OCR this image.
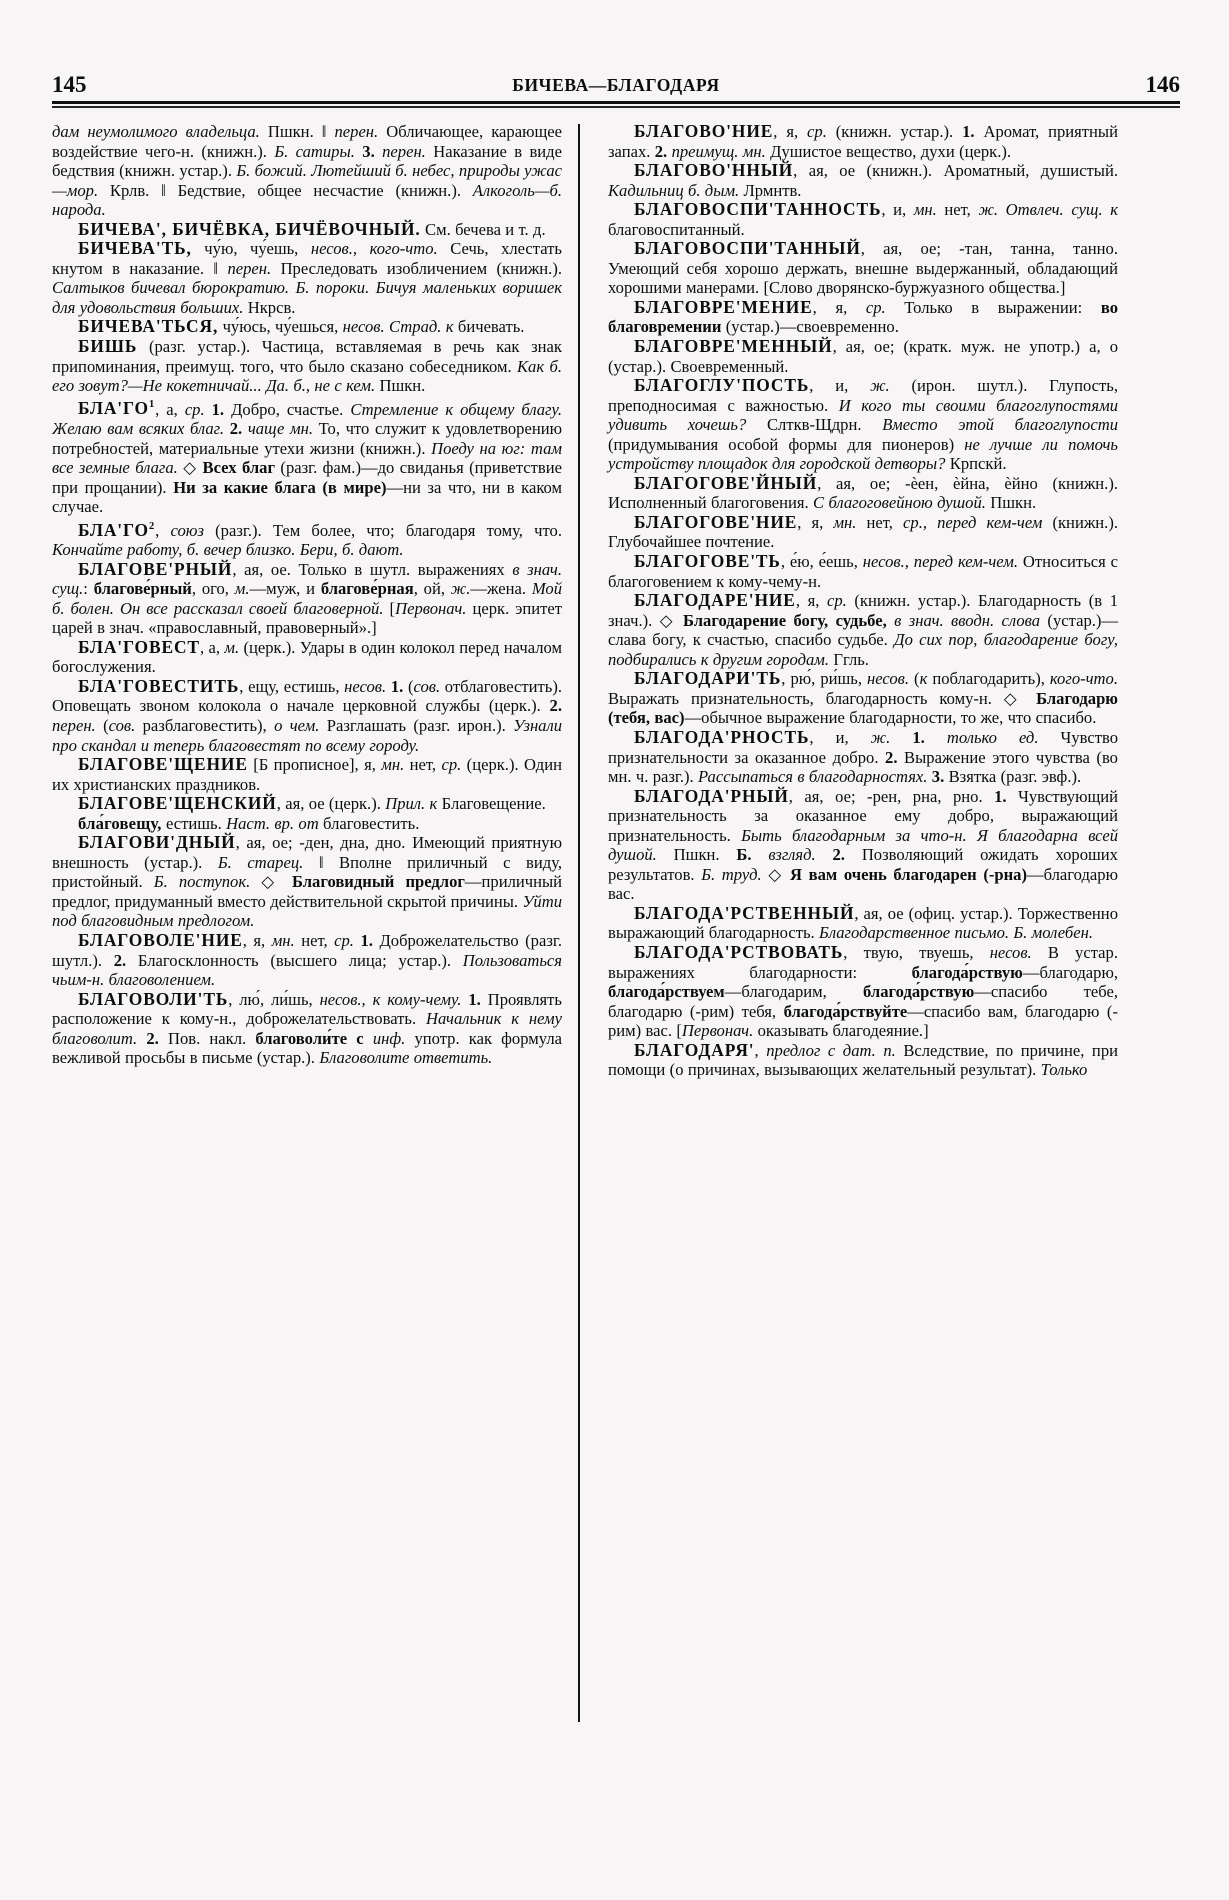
145	БИЧЕВА—БЛАГОДАРЯ	146

дам неумолимого владельца. Пшкн. ‖ перен. Обличающее, карающее воздействие чего-н. (книжн.). Б. сатиры. 3. перен. Наказание в виде бедствия (книжн. устар.). Б. божий. Лютейший б. небес, природы ужас—мор. Крлв. ‖ Бедствие, общее несчастие (книжн.). Алкоголь—б. народа.

БИЧЕВА', БИЧЁВКА, БИЧЁВОЧНЫЙ. См. бечева и т. д.

БИЧЕВА'ТЬ, чу́ю, чу́ешь, несов., кого-что. Сечь, хлестать кнутом в наказание. ‖ перен. Преследовать изобличением (книжн.). Салтыков бичевал бюрократию. Б. пороки. Бичуя маленьких воришек для удовольствия больших. Нкрсв.

БИЧЕВА'ТЬСЯ, чу́юсь, чу́ешься, несов. Страд. к бичевать.

БИШЬ (разг. устар.). Частица, вставляемая в речь как знак припоминания, преимущ. того, что было сказано собеседником. Как б. его зовут?—Не кокетничай... Да. б., не с кем. Пшкн.

$БЛА'ГО^1$, а, ср. 1. Добро, счастье. Стремление к общему благу. Желаю вам всяких благ. 2. чаще мн. То, что служит к удовлетворению потребностей, материальные утехи жизни (книжн.). Поеду на юг: там все земные блага. ◇ Всех благ (разг. фам.)—до свиданья (приветствие при прощании). Ни за какие блага (в мире)—ни за что, ни в каком случае.

$БЛА'ГО^2$, союз (разг.). Тем более, что; благодаря тому, что. Кончайте работу, б. вечер близко. Бери, б. дают.

БЛАГОВЕ'РНЫЙ, ая, ое. Только в шутл. выражениях в знач. сущ.: благове́рный, ого, м.—муж, и благове́рная, ой, ж.—жена. Мой б. болен. Он все рассказал своей благоверной. [Первонач. церк. эпитет царей в знач. «православный, правоверный».]

БЛА'ГОВЕСТ, а, м. (церк.). Удары в один колокол перед началом богослужения.

БЛА'ГОВЕСТИТЬ, ещу, естишь, несов. 1. (сов. отблаговестить). Оповещать звоном колокола о начале церковной службы (церк.). 2. перен. (сов. разблаговестить), о чем. Разглашать (разг. ирон.). Узнали про скандал и теперь благовестят по всему городу.

БЛАГОВЕ'ЩЕНИЕ [Б прописное], я, мн. нет, ср. (церк.). Один их христианских праздников.

БЛАГОВЕ'ЩЕНСКИЙ, ая, ое (церк.). Прил. к Благовещение.

бла́говещу, естишь. Наст. вр. от благовестить.

БЛАГОВИ'ДНЫЙ, ая, ое; -ден, дна, дно. Имеющий приятную внешность (устар.). Б. старец. ‖ Вполне приличный с виду, пристойный. Б. поступок. ◇ Благовидный предлог—приличный предлог, придуманный вместо действительной скрытой причины. Уйти под благовидным предлогом.

БЛАГОВОЛЕ'НИЕ, я, мн. нет, ср. 1. Доброжелательство (разг. шутл.). 2. Благосклонность (высшего лица; устар.). Пользоваться чьим-н. благоволением.

БЛАГОВОЛИ'ТЬ, лю́, ли́шь, несов., к кому-чему. 1. Проявлять расположение к кому-н., доброжелательствовать. Начальник к нему благоволит. 2. Пов. накл. благоволи́те с инф. употр. как формула вежливой просьбы в письме (устар.). Благоволите ответить.

БЛАГОВО'НИЕ, я, ср. (книжн. устар.). 1. Аромат, приятный запах. 2. преимущ. мн. Душистое вещество, духи (церк.).

БЛАГОВО'ННЫЙ, ая, ое (книжн.). Ароматный, душистый. Кадильниц б. дым. Лрмнтв.

БЛАГОВОСПИ'ТАННОСТЬ, и, мн. нет, ж. Отвлеч. сущ. к благовоспитанный.

БЛАГОВОСПИ'ТАННЫЙ, ая, ое; -тан, танна, танно. Умеющий себя хорошо держать, внешне выдержанный, обладающий хорошими манерами. [Слово дворянско-буржуазного общества.]

БЛАГОВРЕ'МЕНИЕ, я, ср. Только в выражении: во благовремении (устар.)—своевременно.

БЛАГОВРЕ'МЕННЫЙ, ая, ое; (кратк. муж. не употр.) а, о (устар.). Своевременный.

БЛАГОГЛУ'ПОСТЬ, и, ж. (ирон. шутл.). Глупость, преподносимая с важностью. И кого ты своими благоглупостями удивить хочешь? Слткв-Щдрн. Вместо этой благоглупости (придумывания особой формы для пионеров) не лучше ли помочь устройству площадок для городской детворы? Крпскй.

БЛАГОГОВЕ'ЙНЫЙ, ая, ое; -ѐен, ѐйна, ѐйно (книжн.). Исполненный благоговения. С благоговейною душой. Пшкн.

БЛАГОГОВЕ'НИЕ, я, мн. нет, ср., перед кем-чем (книжн.). Глубочайшее почтение.

БЛАГОГОВЕ'ТЬ, е́ю, е́ешь, несов., перед кем-чем. Относиться с благоговением к кому-чему-н.

БЛАГОДАРЕ'НИЕ, я, ср. (книжн. устар.). Благодарность (в 1 знач.). ◇ Благодарение богу, судьбе, в знач. вводн. слова (устар.)—слава богу, к счастью, спасибо судьбе. До сих пор, благодарение богу, подбирались к другим городам. Ггль.

БЛАГОДАРИ'ТЬ, рю́, ри́шь, несов. (к поблагодарить), кого-что. Выражать признательность, благодарность кому-н. ◇ Благодарю (тебя, вас)—обычное выражение благодарности, то же, что спасибо.

БЛАГОДА'РНОСТЬ, и, ж. 1. только ед. Чувство признательности за оказанное добро. 2. Выражение этого чувства (во мн. ч. разг.). Рассыпаться в благодарностях. 3. Взятка (разг. эвф.).

БЛАГОДА'РНЫЙ, ая, ое; -рен, рна, рно. 1. Чувствующий признательность за оказанное ему добро, выражающий признательность. Быть благодарным за что-н. Я благодарна всей душой. Пшкн. Б. взгляд. 2. Позволяющий ожидать хороших результатов. Б. труд. ◇ Я вам очень благодарен (-рна)—благодарю вас.

БЛАГОДА'РСТВЕННЫЙ, ая, ое (офиц. устар.). Торжественно выражающий благодарность. Благодарственное письмо. Б. молебен.

БЛАГОДА'РСТВОВАТЬ, твую, твуешь, несов. В устар. выражениях благодарности: благода́рствую—благодарю, благода́рствуем—благодарим, благода́рствую—спасибо тебе, благодарю (-рим) тебя, благода́рствуйте—спасибо вам, благодарю (-рим) вас. [Первонач. оказывать благодеяние.]

БЛАГОДАРЯ', предлог с дат. п. Вследствие, по причине, при помощи (о причинах, вызывающих желательный результат). Только
